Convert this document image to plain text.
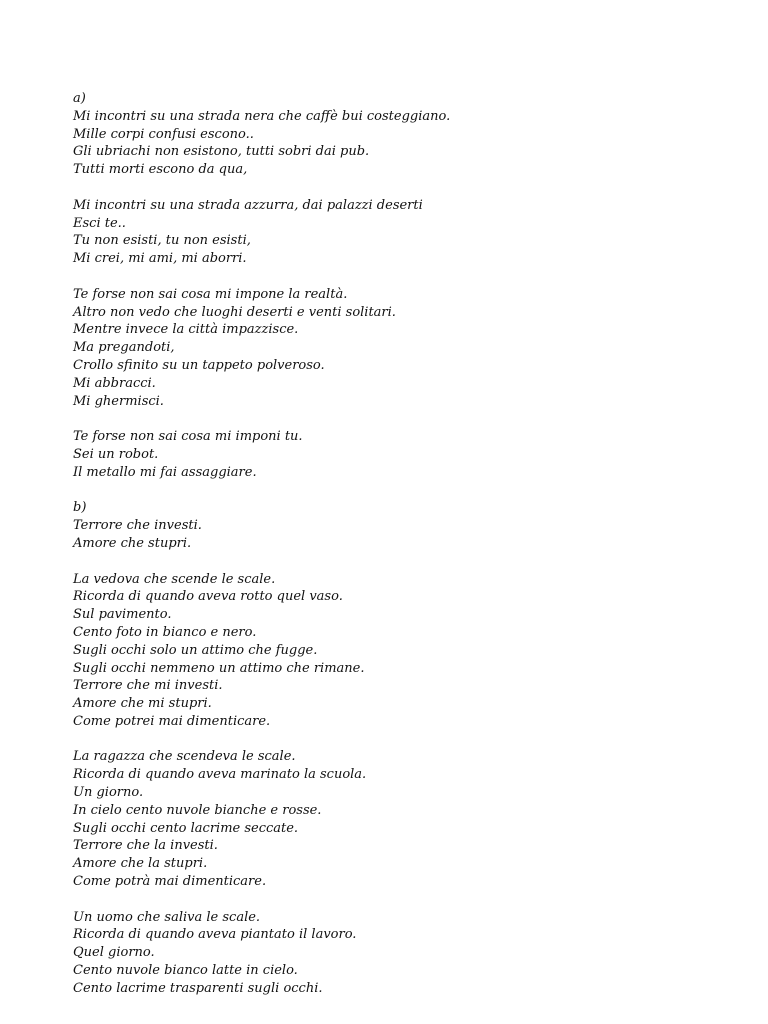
a)
Mi incontri su una strada nera che caffè bui costeggiano.
Mille corpi confusi escono..
Gli ubriachi non esistono, tutti sobri dai pub.
Tutti morti escono da qua,
Mi incontri su una strada azzurra, dai palazzi deserti
Esci te..
Tu non esisti, tu non esisti,
Mi crei, mi ami, mi aborri.
Te forse non sai cosa mi impone la realtà.
Altro non vedo che luoghi deserti e venti solitari.
Mentre invece la città impazzisce.
Ma pregandoti,
Crollo sfinito su un tappeto polveroso.
Mi abbracci.
Mi ghermisci.
Te forse non sai cosa mi imponi tu.
Sei un robot.
Il metallo mi fai assaggiare.
b)
Terrore che investi.
Amore che stupri.
La vedova che scende le scale.
Ricorda di quando aveva rotto quel vaso.
Sul pavimento.
Cento foto in bianco e nero.
Sugli occhi solo un attimo che fugge.
Sugli occhi nemmeno un attimo che rimane.
Terrore che mi investi.
Amore che mi stupri.
Come potrei mai dimenticare.
La ragazza che scendeva le scale.
Ricorda di quando aveva marinato la scuola.
Un giorno.
In cielo cento nuvole bianche e rosse.
Sugli occhi cento lacrime seccate.
Terrore che la investi.
Amore che la stupri.
Come potrà mai dimenticare.
Un uomo che saliva le scale.
Ricorda di quando aveva piantato il lavoro.
Quel giorno.
Cento nuvole bianco latte in cielo.
Cento lacrime trasparenti sugli occhi.
